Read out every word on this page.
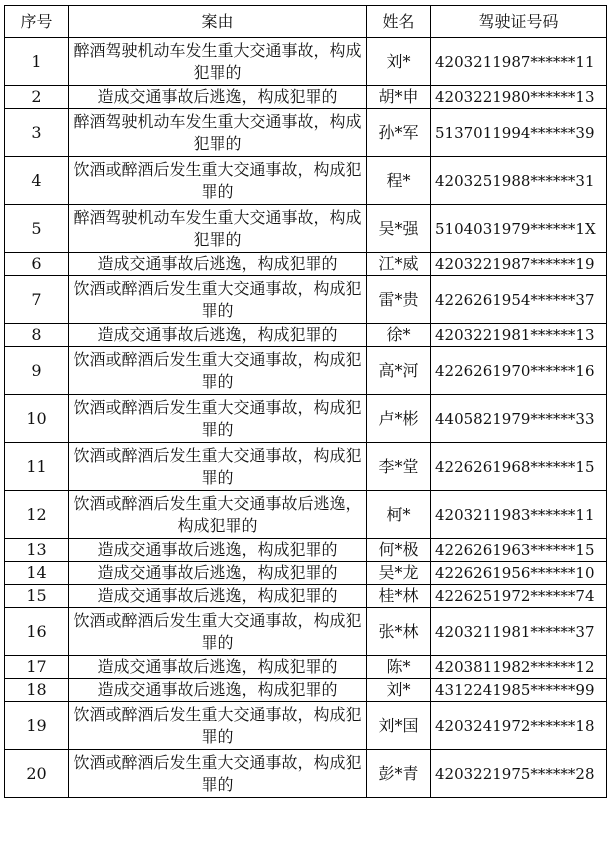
序号	案由	姓名	驾驶证号码
1	醉酒驾驶机动车发生重大交通事故，构成犯罪的	刘*	4203211987******11
2	造成交通事故后逃逸，构成犯罪的	胡*申	4203221980******13
3	醉酒驾驶机动车发生重大交通事故，构成犯罪的	孙*军	5137011994******39
4	饮酒或醉酒后发生重大交通事故，构成犯罪的	程*	4203251988******31
5	醉酒驾驶机动车发生重大交通事故，构成犯罪的	吴*强	5104031979******1X
6	造成交通事故后逃逸，构成犯罪的	江*威	4203221987******19
7	饮酒或醉酒后发生重大交通事故，构成犯罪的	雷*贵	4226261954******37
8	造成交通事故后逃逸，构成犯罪的	徐*	4203221981******13
9	饮酒或醉酒后发生重大交通事故，构成犯罪的	高*河	4226261970******16
10	饮酒或醉酒后发生重大交通事故，构成犯罪的	卢*彬	4405821979******33
11	饮酒或醉酒后发生重大交通事故，构成犯罪的	李*堂	4226261968******15
12	饮酒或醉酒后发生重大交通事故后逃逸，构成犯罪的	柯*	4203211983******11
13	造成交通事故后逃逸，构成犯罪的	何*极	4226261963******15
14	造成交通事故后逃逸，构成犯罪的	吴*龙	4226261956******10
15	造成交通事故后逃逸，构成犯罪的	桂*林	4226251972******74
16	饮酒或醉酒后发生重大交通事故，构成犯罪的	张*林	4203211981******37
17	造成交通事故后逃逸，构成犯罪的	陈*	4203811982******12
18	造成交通事故后逃逸，构成犯罪的	刘*	4312241985******99
19	饮酒或醉酒后发生重大交通事故，构成犯罪的	刘*国	4203241972******18
20	饮酒或醉酒后发生重大交通事故，构成犯罪的	彭*青	4203221975******28
